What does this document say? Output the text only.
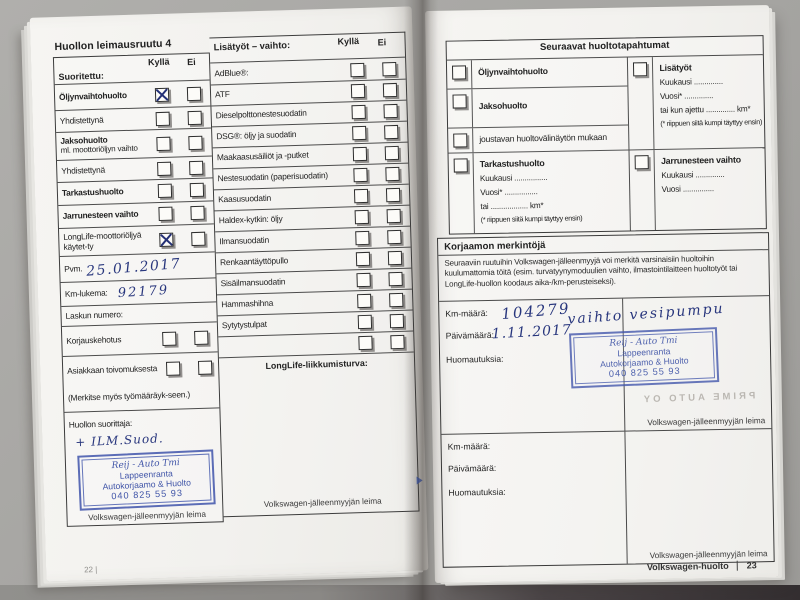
Huollon leimausruutu 4
Suoritettu:
Kyllä Ei
Öljynvaihtohuolto
Yhdistettynä
Jaksohuolto
ml. moottoriöljyn vaihto
Yhdistettynä
Tarkastushuolto
Jarrunesteen vaihto
LongLife-moottoriöljyä käytet-ty
Pvm. 25.01.2017
Km-lukema: 92179
Laskun numero:
Korjauskehotus
Asiakkaan toivomuksesta
(Merkitse myös työmääräyk-seen.)
Huollon suorittaja: + ILM.Suod.
Reij - Auto Tmi
Lappeenranta
Autokorjaamo & Huolto
040 825 55 93
Volkswagen-jälleenmyyjän leima
Lisätyöt – vaihto:	Kyllä Ei
AdBlue®:
ATF
Dieselpolttonestesuodatin
DSG®: öljy ja suodatin
Maakaasusäiliöt ja -putket
Nestesuodatin (paperisuodatin)
Kaasusuodatin
Haldex-kytkin: öljy
Ilmansuodatin
Renkaantäyttöpullo
Sisäilmansuodatin
Hammashihna
Sytytystulpat
LongLife-liikkumisturva:
Volkswagen-jälleenmyyjän leima
22 |
Seuraavat huoltotapahtumat
Öljynvaihtohuolto
Jaksohuolto
joustavan huoltovälinäytön mukaan
Tarkastushuolto
Kuukausi ................
Vuosi* ................
tai .................. km*
(* riippuen siitä kumpi täyttyy ensin)
Lisätyöt
Kuukausi ..............
Vuosi* ..............
tai kun ajettu .............. km*
(* riippuen siitä kumpi täyttyy ensin)
Jarrunesteen vaihto
Kuukausi ..............
Vuosi ...............
Korjaamon merkintöjä
Seuraaviin ruutuihin Volkswagen-jälleenmyyjä voi merkitä varsinaisiin huoltoihin kuulumattomia töitä (esim. turvatyynymoduulien vaihto, ilmastointilaitteen huoltotyöt tai LongLife-huollon koodaus aika-/km-perusteiseksi).
Km-määrä:
Päivämäärä:
Huomautuksia:
PRIME AUTO OY
Volkswagen-jälleenmyyjän leima
Km-määrä:
Päivämäärä:
Huomautuksia:
Volkswagen-jälleenmyyjän leima
104279
1.11.2017
vaihto vesipumpu
Reij - Auto Tmi
Lappeenranta
Autokorjaamo & Huolto
040 825 55 93
Volkswagen-huolto	23
